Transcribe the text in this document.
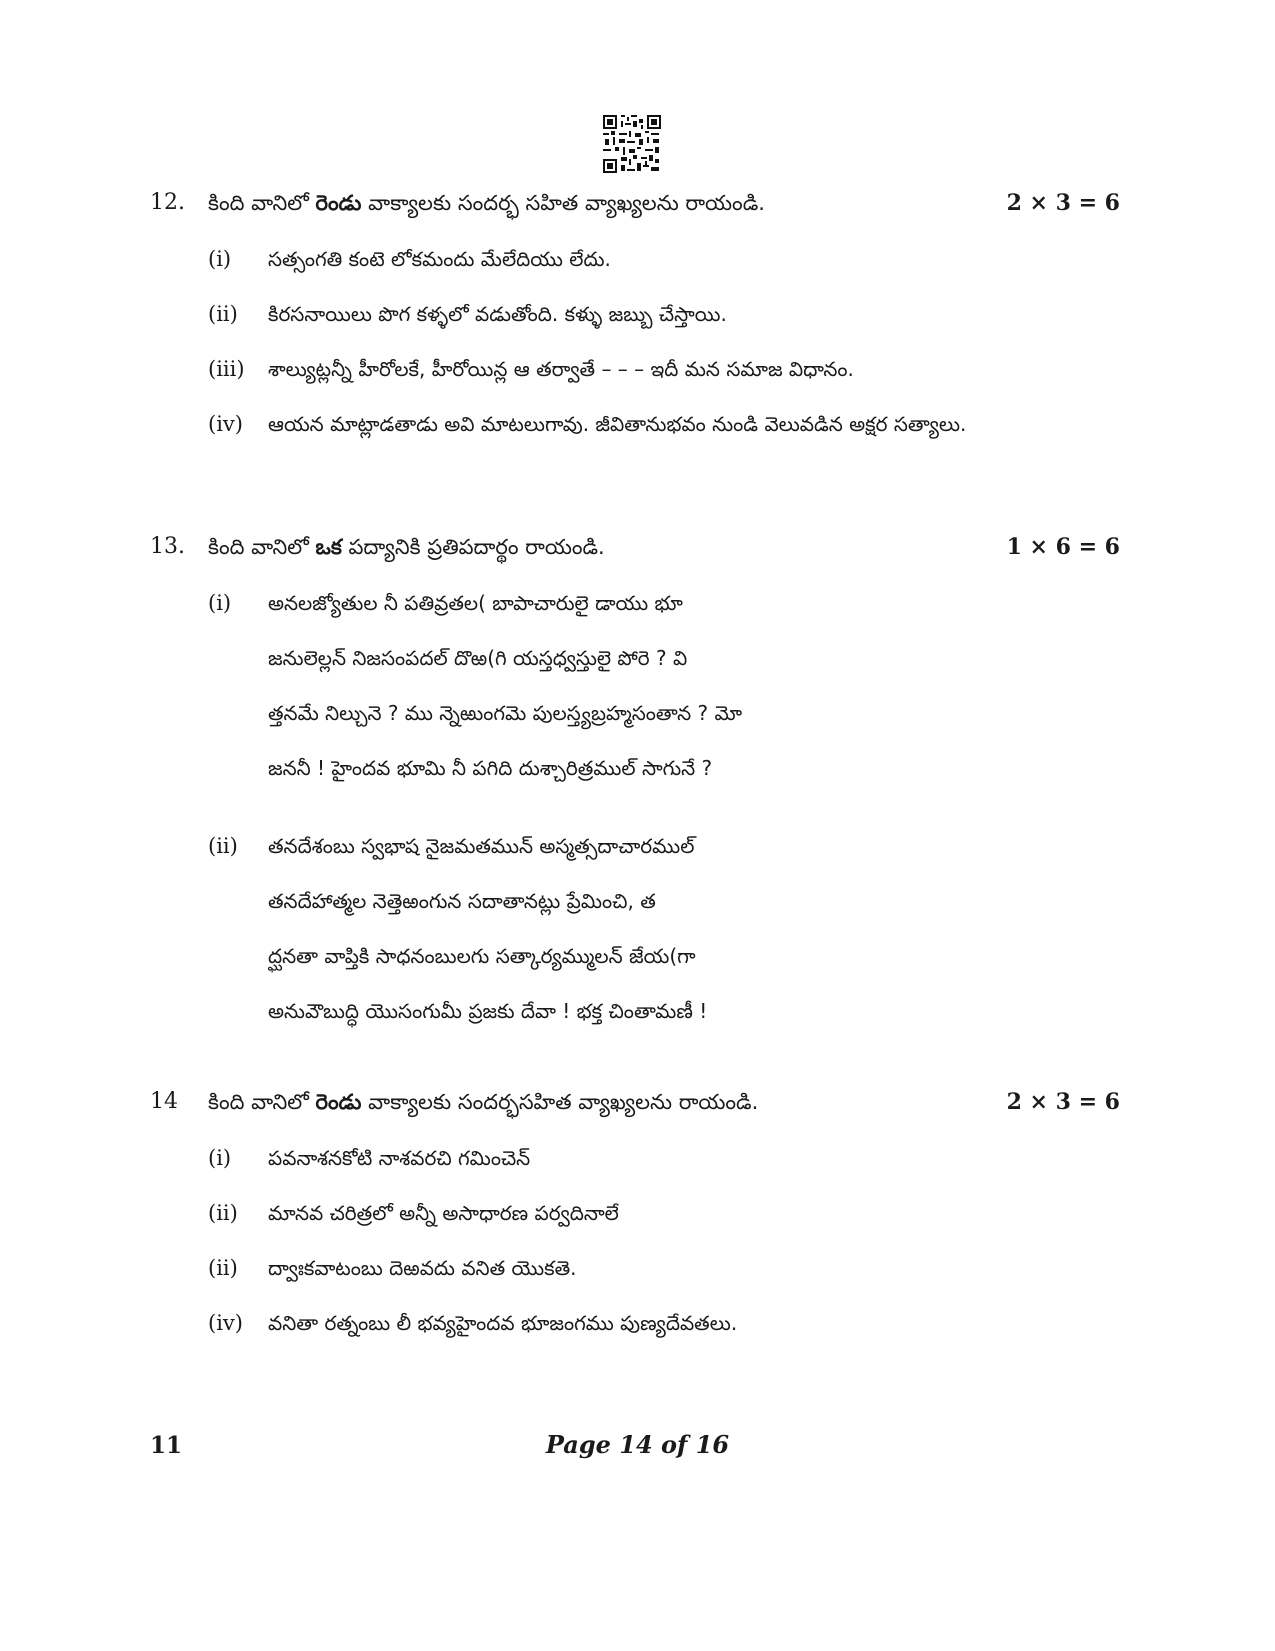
12. కింది వానిలో రెండు వాక్యాలకు సందర్భ సహిత వ్యాఖ్యలను రాయండి.	2 × 3 = 6
(i) సత్సంగతి కంటె లోకమందు మేలేదియు లేదు.
(ii) కిరసనాయిలు పొగ కళ్ళలో వడుతోంది. కళ్ళు జబ్బు చేస్తాయి.
(iii) శాల్యుట్లన్నీ హీరోలకే, హీరోయిన్ల ఆ తర్వాతే – – – ఇదీ మన సమాజ విధానం.
(iv) ఆయన మాట్లాడతాడు అవి మాటలుగావు. జీవితానుభవం నుండి వెలువడిన అక్షర సత్యాలు.
13. కింది వానిలో ఒక పద్యానికి ప్రతిపదార్థం రాయండి.	1 × 6 = 6
(i) అనలజ్యోతుల నీ పతివ్రతల( బాపాచారులై డాయు భూ
జనులెల్లన్ నిజసంపదల్ దొఱ(గి యస్తధ్వస్తులై పోరె ? వి
త్తనమే నిల్చునె ? ము న్నెఱుంగమె పులస్త్యబ్రహ్మసంతాన ? మో
జననీ ! హైందవ భూమి నీ పగిది దుశ్చారిత్రముల్ సాగునే ?
(ii) తనదేశంబు స్వభాష నైజమతమున్ అస్మత్సదాచారముల్
తనదేహాత్మల నెత్తెఱంగున సదాతానట్లు ప్రేమించి, త
ద్ఘనతా వాప్తికి సాధనంబులగు సత్కార్యమ్ములన్ జేయ(గా
అనువౌబుద్ధి యొసంగుమీ ప్రజకు దేవా ! భక్త చింతామణీ !
14 కింది వానిలో రెండు వాక్యాలకు సందర్భసహిత వ్యాఖ్యలను రాయండి.	2 × 3 = 6
(i) పవనాశనకోటి నాశవరచి గమించెన్
(ii) మానవ చరిత్రలో అన్నీ అసాధారణ పర్వదినాలే
(ii) ద్వాఃకవాటంబు దెఱవదు వనిత యొకతె.
(iv) వనితా రత్నంబు లీ భవ్యహైందవ భూజంగము పుణ్యదేవతలు.
11	Page 14 of 16
